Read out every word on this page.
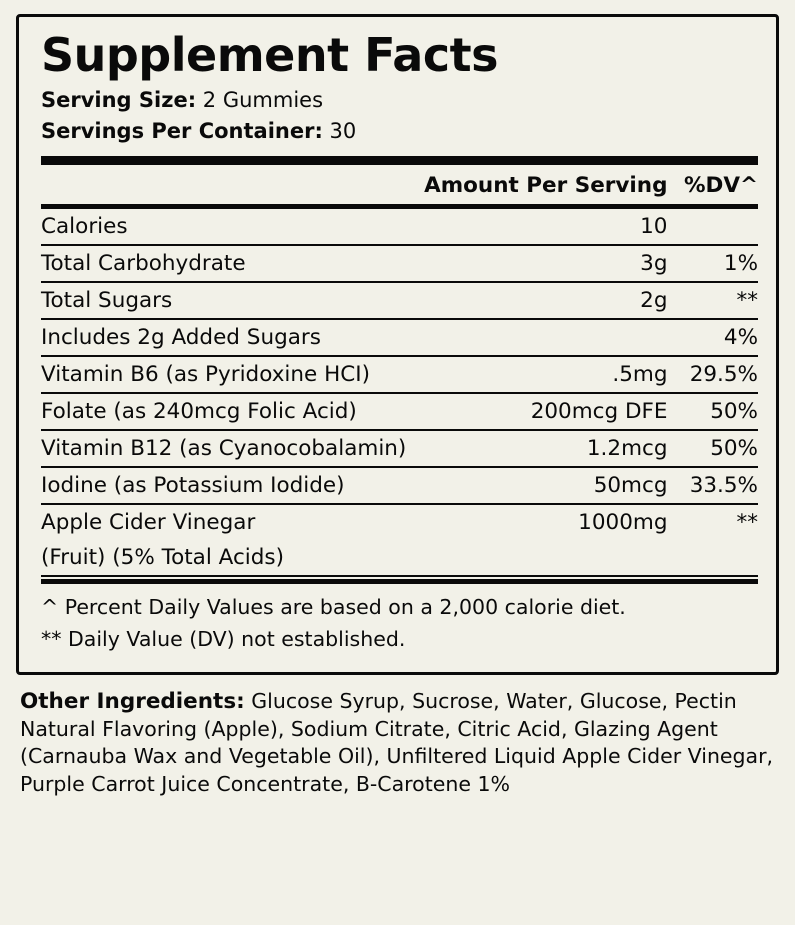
Supplement Facts
Serving Size: 2 Gummies
Servings Per Container: 30
	Amount Per Serving	%DV^
Calories	10	
Total Carbohydrate	3g	1%
Total Sugars	2g	**
Includes 2g Added Sugars		4%
Vitamin B6 (as Pyridoxine HCI)	.5mg	29.5%
Folate (as 240mcg Folic Acid)	200mcg DFE	50%
Vitamin B12 (as Cyanocobalamin)	1.2mcg	50%
Iodine (as Potassium Iodide)	50mcg	33.5%
Apple Cider Vinegar	1000mg	**
(Fruit) (5% Total Acids)		
^ Percent Daily Values are based on a 2,000 calorie diet.
** Daily Value (DV) not established.
Other Ingredients: Glucose Syrup, Sucrose, Water, Glucose, Pectin Natural Flavoring (Apple), Sodium Citrate, Citric Acid, Glazing Agent (Carnauba Wax and Vegetable Oil), Unfiltered Liquid Apple Cider Vinegar, Purple Carrot Juice Concentrate, B-Carotene 1%
